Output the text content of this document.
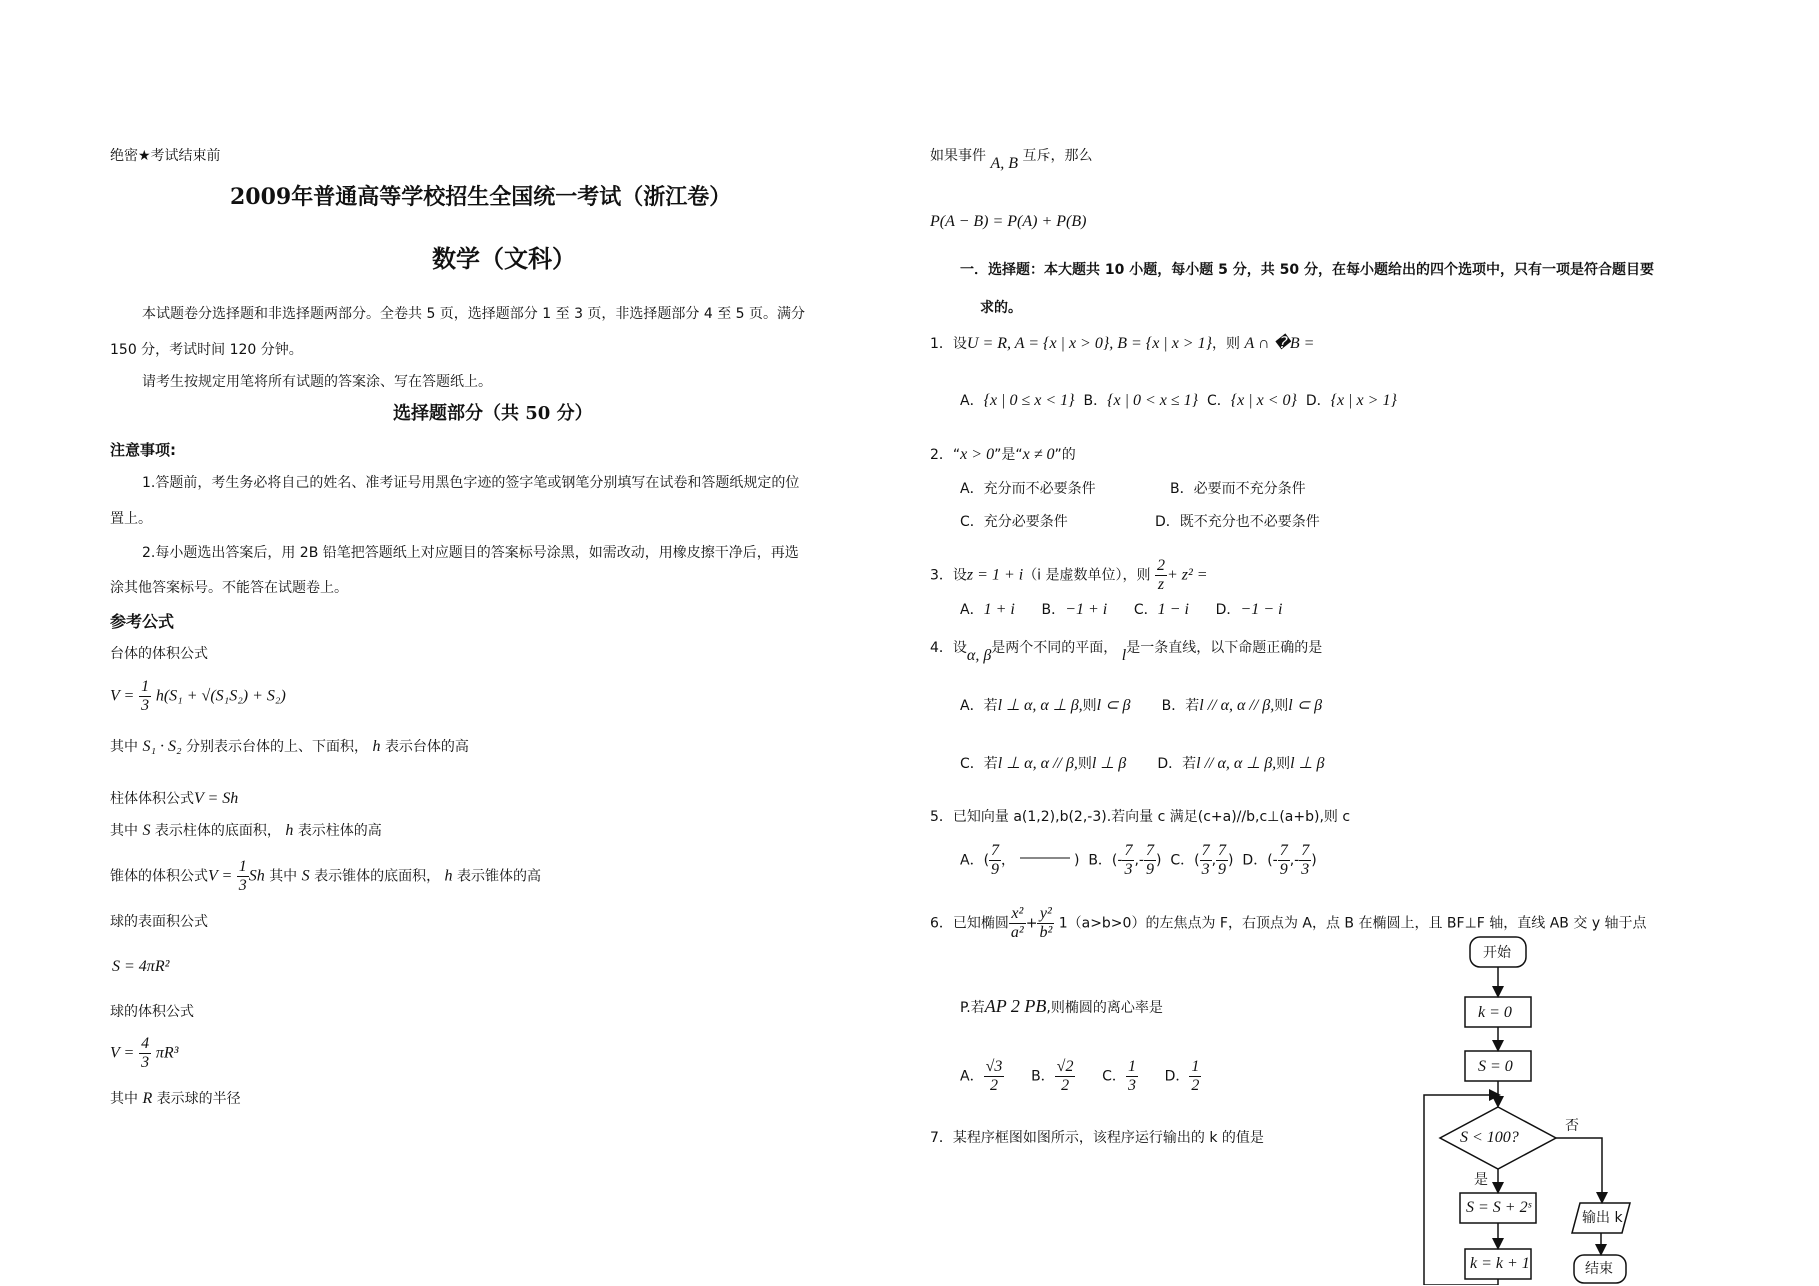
绝密★考试结束前
2009年普通高等学校招生全国统一考试（浙江卷）
数学（文科）
本试题卷分选择题和非选择题两部分。全卷共 5 页，选择题部分 1 至 3 页，非选择题部分 4 至 5 页。满分
150 分，考试时间 120 分钟。
请考生按规定用笔将所有试题的答案涂、写在答题纸上。
选择题部分（共 50 分）
注意事项:
1.答题前，考生务必将自己的姓名、准考证号用黑色字迹的签字笔或钢笔分别填写在试卷和答题纸规定的位
置上。
2.每小题选出答案后，用 2B 铅笔把答题纸上对应题目的答案标号涂黑，如需改动，用橡皮擦干净后，再选
涂其他答案标号。不能答在试题卷上。
参考公式
台体的体积公式
$V = \frac{1}{3} h(S_1 + √(S_1S_2) + S_2)$
其中 S₁ · S₂ 分别表示台体的上、下面积， h 表示台体的高
柱体体积公式V = Sh
其中 S 表示柱体的底面积， h 表示柱体的高
锥体的体积公式$V = \frac{1}{3}$ Sh 其中 S 表示锥体的底面积， h 表示锥体的高
球的表面积公式
S = 4πR²
球的体积公式
$V = \frac{4}{3} \pi R^3$
其中 R 表示球的半径
如果事件 A, B 互斥，那么
P(A − B) = P(A) + P(B)
一．选择题：本大题共 10 小题，每小题 5 分，共 50 分，在每小题给出的四个选项中，只有一项是符合题目要
求的。
1．设U = R, A = {x | x > 0}, B = {x | x > 1}，则 A ∩ �B =
A．{x | 0 ≤ x < 1} B．{x | 0 < x ≤ 1} C．{x | x < 0} D．{x | x > 1}
2．“x > 0”是“x ≠ 0”的
A．充分而不必要条件	B．必要而不充分条件
C．充分必要条件	D．既不充分也不必要条件
3．设z = 1 + i（i 是虚数单位），则 $\frac{2}{z} + z^2$ =
A．1 + i B．−1 + i C．1 − i D．−1 − i
4．设α, β是两个不同的平面， l是一条直线，以下命题正确的是
A．若l ⊥ α, α ⊥ β,则l ⊂ β B．若l // α, α // β,则l ⊂ β
C．若l ⊥ α, α // β,则l ⊥ β D．若l // α, α ⊥ β,则l ⊥ β
5．已知向量 a(1,2),b(2,-3).若向量 c 满足(c+a)//b,c⊥(a+b),则 c
A．( $\frac{7}{9}$ ，	) B．(- $\frac{7}{3}$ ,- $\frac{7}{9}$ )  C．( $\frac{7}{3}$ , $\frac{7}{9}$ )  D．(- $\frac{7}{9}$ ,- $\frac{7}{3}$ )
6．已知椭圆 $\frac{\text{x²}}{\text{a²}} + \frac{\text{y²}}{\text{b²}} 1(a>b>0)$的左焦点为 F，右顶点为 A，点 B 在椭圆上，且 BF⊥F 轴，直线 AB 交 y 轴于点
P.若AP 2 PB,则椭圆的离心率是
A． $\frac{√3}{2}$ B． $\frac{√2}{2}$ C． $\frac{1}{3}$ D． $\frac{1}{2}$
7．某程序框图如图所示，该程序运行输出的 k 的值是
开始
k = 0
S = 0
S < 100?
否
是
S = S + 2ˢ
输出 k
k = k + 1	结束
